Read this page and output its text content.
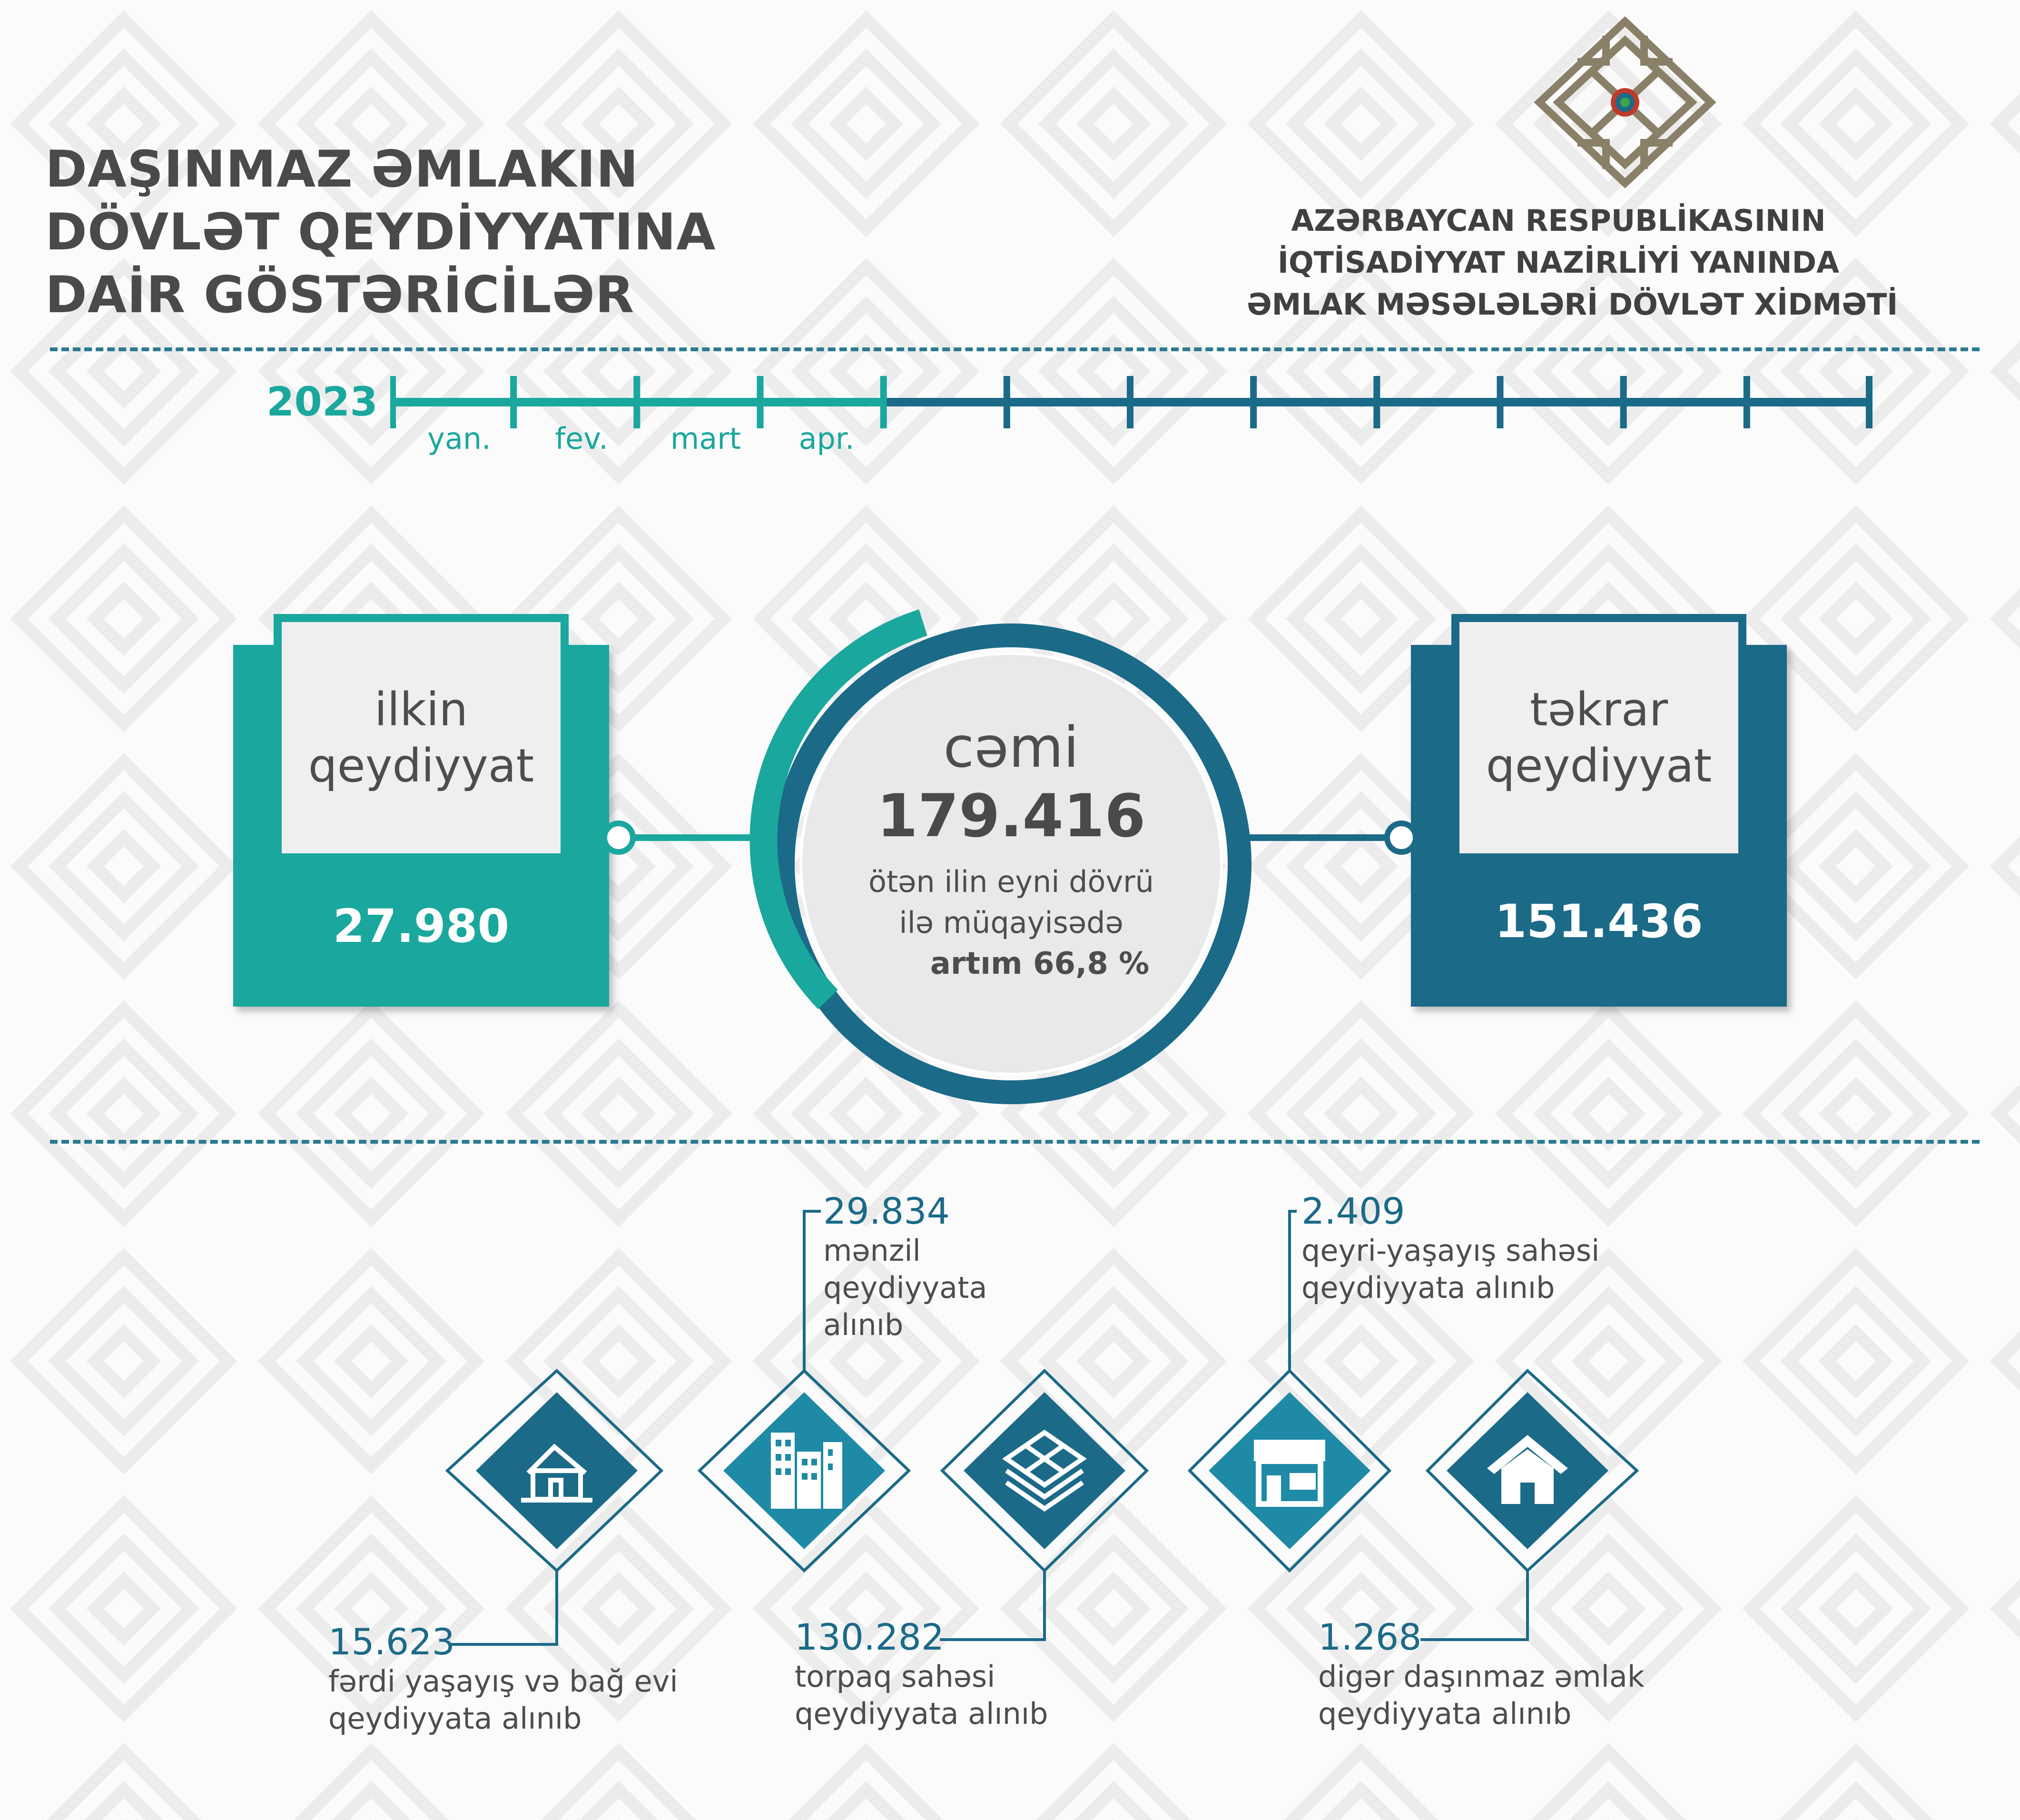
DAŞINMAZ ƏMLAKIN
DÖVLƏT QEYDİYYATINA
DAİR GÖSTƏRİCİLƏR
AZƏRBAYCAN RESPUBLİKASININ
İQTİSADİYYAT NAZİRLİYİ YANINDA
ƏMLAK MƏSƏLƏLƏRİ DÖVLƏT XİDMƏTİ
2023
yan.	fev.	mart	apr.
ilkin
qeydiyyat
27.980
təkrar
qeydiyyat
151.436
cəmi
179.416
ötən ilin eyni dövrü
ilə müqayisədə
artım 66,8 %
15.623
fərdi yaşayış və bağ evi
qeydiyyata alınıb
29.834
mənzil
qeydiyyata
alınıb
130.282
torpaq sahəsi
qeydiyyata alınıb
2.409
qeyri-yaşayış sahəsi
qeydiyyata alınıb
1.268
digər daşınmaz əmlak
qeydiyyata alınıb
